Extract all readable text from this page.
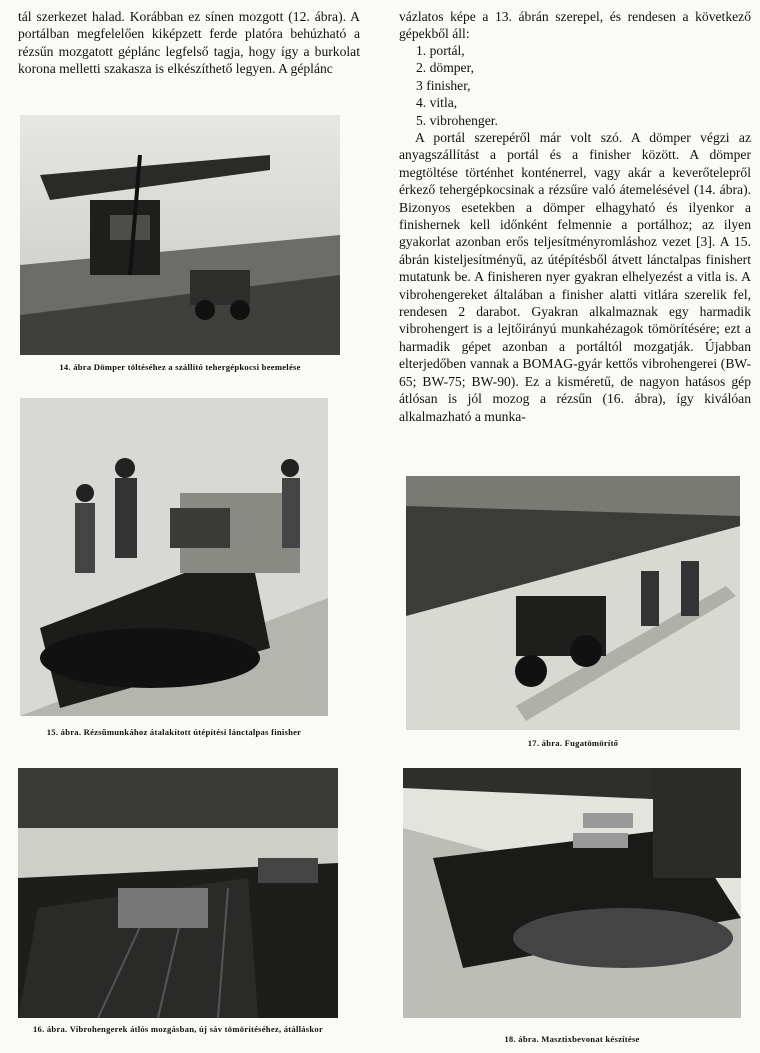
tál szerkezet halad. Korábban ez sínen mozgott (12. ábra). A portálban megfelelően kiképzett ferde platóra behúzható a rézsűn mozgatott géplánc legfelső tagja, hogy így a burkolat korona melletti szakasza is elkészíthető legyen. A géplánc

vázlatos képe a 13. ábrán szerepel, és rendesen a következő gépekből áll:

1. portál,
2. dömper,
3 finisher,
4. vitla,
5. vibrohenger.

A portál szerepéről már volt szó. A dömper végzi az anyagszállítást a portál és a finisher között. A dömper megtöltése történhet konténerrel, vagy akár a keverőtelepről érkező tehergépkocsinak a rézsűre való átemelésével (14. ábra). Bizonyos esetekben a dömper elhagyható és ilyenkor a finishernek kell időnként felmennie a portálhoz; az ilyen gyakorlat azonban erős teljesítményromláshoz vezet [3]. A 15. ábrán kisteljesítményű, az útépítésből átvett lánctalpas finishert mutatunk be. A finisheren nyer gyakran elhelyezést a vitla is. A vibrohengereket általában a finisher alatti vitlára szerelik fel, rendesen 2 darabot. Gyakran alkalmaznak egy harmadik vibrohengert is a lejtőirányú munkahézagok tömörítésére; ezt a harmadik gépet azonban a portáltól mozgatják. Újabban elterjedőben vannak a BOMAG-gyár kettős vibrohengerei (BW-65; BW-75; BW-90). Ez a kisméretű, de nagyon hatásos gép átlósan is jól mozog a rézsűn (16. ábra), így kiválóan alkalmazható a munka-

14. ábra Dömper töltéséhez a szállító tehergépkocsi beemelése

15. ábra. Rézsűmunkához átalakított útépítési lánctalpas finisher

16. ábra. Vibrohengerek átlós mozgásban, új sáv tömörítéséhez, átálláskor

17. ábra. Fugatömörítő

18. ábra. Masztixbevonat készítése
